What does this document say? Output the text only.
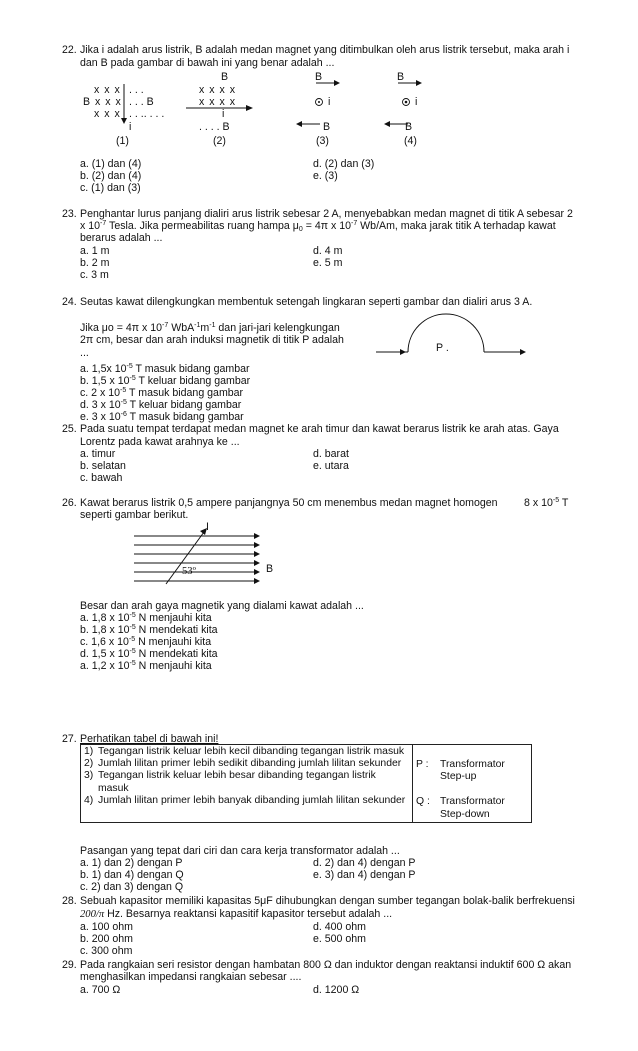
22. Jika i adalah arus listrik, B adalah medan magnet yang ditimbulkan oleh arus listrik tersebut, maka arah i
dan B pada gambar di bawah ini yang benar adalah ...
x x x . . .
B x x x . . . B
x x x . . .. . . .
i
(1)
B
x x x x
x x x x
i
. . . . B
(2)
B
i
B
(3)
B
i
B
(4)
a. (1) dan (4)
b. (2) dan (4)
c. (1) dan (3)
d. (2) dan (3)
e. (3)
23. Penghantar lurus panjang dialiri arus listrik sebesar 2 A, menyebabkan medan magnet di titik A sebesar 2
x $10^{-7}$ Tesla. Jika permeabilitas ruang hampa $\mu_0 = 4\pi$ x $10^{-7}$ Wb/Am, maka jarak titik A terhadap kawat
berarus adalah ...
a. 1 m
b. 2 m
c. 3 m
d. 4 m
e. 5 m
24. Seutas kawat dilengkungkan membentuk setengah lingkaran seperti gambar dan dialiri arus 3 A.
Jika μo = 4π x $10^{-7}$ $WbA^{-1}m^{-1}$ dan jari-jari kelengkungan
2π cm, besar dan arah induksi magnetik di titik P adalah
...	P .
a. 1,5x $10^{-5}$ T masuk bidang gambar
b. 1,5 x $10^{-5}$ T keluar bidang gambar
c. 2 x $10^{-5}$ T masuk bidang gambar
d. 3 x $10^{-5}$ T keluar bidang gambar
e. 3 x $10^{-6}$ T masuk bidang gambar
25. Pada suatu tempat terdapat medan magnet ke arah timur dan kawat berarus listrik ke arah atas. Gaya
Lorentz pada kawat arahnya ke ...
a. timur
b. selatan
c. bawah
d. barat
e. utara
26. Kawat berarus listrik 0,5 ampere panjangnya 50 cm menembus medan magnet homogen 8 x $10^{-5}$ T
seperti gambar berikut.
I
53º	B
Besar dan arah gaya magnetik yang dialami kawat adalah ...
a. 1,8 x $10^{-5}$ N menjauhi kita
b. 1,8 x $10^{-5}$ N mendekati kita
c. 1,6 x $10^{-5}$ N menjauhi kita
d. 1,5 x $10^{-5}$ N mendekati kita
a. 1,2 x $10^{-5}$ N menjauhi kita
27. Perhatikan tabel di bawah ini!
1) Tegangan listrik keluar lebih kecil dibanding tegangan listrik masuk
2) Jumlah lilitan primer lebih sedikit dibanding jumlah lilitan sekunder
3) Tegangan listrik keluar lebih besar dibanding tegangan listrik masuk
4) Jumlah lilitan primer lebih banyak dibanding jumlah lilitan sekunder

P :	Transformator Step-up
Q : Transformator Step-down
Pasangan yang tepat dari ciri dan cara kerja transformator adalah ...
a. 1) dan 2) dengan P
b. 1) dan 4) dengan Q
c. 2) dan 3) dengan Q
d. 2) dan 4) dengan P
e. 3) dan 4) dengan P
28. Sebuah kapasitor memiliki kapasitas 5μF dihubungkan dengan sumber tegangan bolak-balik berfrekuensi
200/π Hz. Besarnya reaktansi kapasitif kapasitor tersebut adalah ...
a. 100 ohm
b. 200 ohm
c. 300 ohm
d. 400 ohm
e. 500 ohm
29. Pada rangkaian seri resistor dengan hambatan 800 Ω dan induktor dengan reaktansi induktif 600 Ω akan
menghasilkan impedansi rangkaian sebesar ....
a. 700 Ω	d. 1200 Ω
